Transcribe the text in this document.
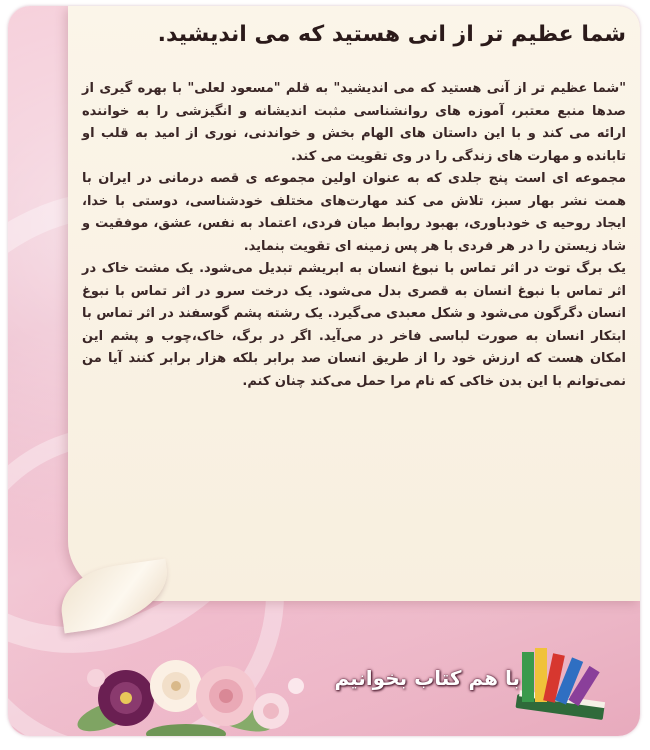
شما عظیم تر از انی هستید که می اندیشید.

"شما عظیم تر از آنی هستید که می اندیشید" به قلم "مسعود لعلی" با بهره گیری از صدها منبع معتبر، آموزه های روانشناسی مثبت اندیشانه و انگیزشی را به خواننده ارائه می کند و با این داستان های الهام بخش و خواندنی، نوری از امید به قلب او تابانده و مهارت های زندگی را در وی تقویت می کند.

مجموعه ای است پنج جلدی که به عنوان اولین مجموعه ی قصه درمانی در ایران با همت نشر بهار سبز، تلاش می کند مهارت‌های مختلف خودشناسی، دوستی با خدا، ایجاد روحیه ی خودباوری، بهبود روابط میان فردی، اعتماد به نفس، عشق، موفقیت و شاد زیستن را در هر فردی با هر پس زمینه ای تقویت بنماید.

یک برگ توت در اثر تماس با نبوغ انسان به ابریشم تبدیل می‌شود. یک مشت خاک در اثر تماس با نبوغ انسان به قصری بدل می‌شود. یک درخت سرو در اثر تماس با نبوغ انسان دگرگون می‌شود و شکل معبدی می‌گیرد. یک رشته پشم گوسفند در اثر تماس با ابتکار انسان به صورت لباسی فاخر در می‌آید. اگر در برگ، خاک،چوب و پشم این امکان هست که ارزش خود را از طریق انسان صد برابر بلکه هزار برابر کنند آیا من نمی‌توانم با این بدن خاکی که نام مرا حمل می‌کند چنان کنم.

با هم کتاب بخوانیم
